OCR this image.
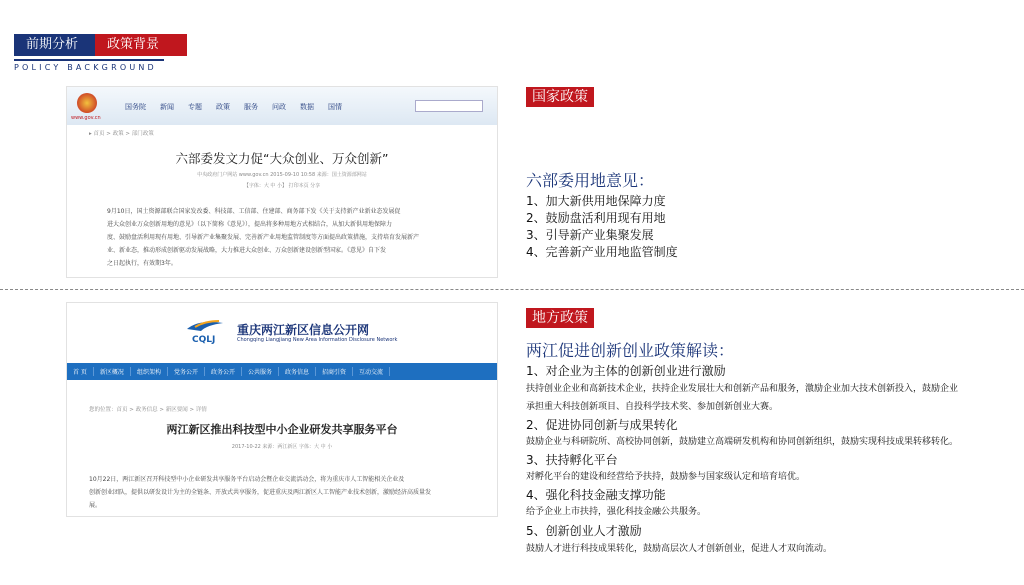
前期分析	政策背景
POLICY BACKGROUND
www.gov.cn
国务院 新闻 专题 政策 服务 问政 数据 国情
▸ 首页 > 政策 > 部门政策
六部委发文力促“大众创业、万众创新”
中央政府门户网站 www.gov.cn 2015-09-10 10:58 来源：国土资源部网站
【字体：大 中 小】 打印本页 分享
9月10日，国土资源部联合国家发改委、科技部、工信部、住建部、商务部下发《关于支持新产业新业态发展促
进大众创业万众创新用地的意见》（以下简称《意见》），提出将多种用地方式相结合，从加大新供用地保障力
度、鼓励盘活利用现有用地、引导新产业集聚发展、完善新产业用地监管制度等方面提出政策措施，支持培育发展新产
业、新业态，推动形成创新驱动发展战略，大力推进大众创业、万众创新建设创新型国家。《意见》自下发
之日起执行，有效期3年。
国家政策
六部委用地意见：
1、加大新供用地保障力度
2、鼓励盘活利用现有用地
3、引导新产业集聚发展
4、完善新产业用地监管制度
CQLJ
重庆两江新区信息公开网
Chongqing Liangjiang New Area Information Disclosure Network
首 页	新区概况	组织架构	党务公开	政务公开	公共服务	政务信息	招商引资	互动交流
您的位置：首页 > 政务信息 > 新区要闻 > 详情
两江新区推出科技型中小企业研发共享服务平台
2017-10-22 来源：两江新区 字体：大 中 小
10月22日，两江新区召开科技型中小企业研发共享服务平台启动会暨企业交流活动会，将为重庆市人工智能相关企业及
创新创业团队，提供以研发设计为主的全链条、开放式共享服务，促进重庆及两江新区人工智能产业技术创新，激励经济高质量发
展。
地方政策
两江促进创新创业政策解读：
1、对企业为主体的创新创业进行激励
扶持创业企业和高新技术企业，扶持企业发展壮大和创新产品和服务，激励企业加大技术创新投入，鼓励企业
承担重大科技创新项目、自投科学技术奖、参加创新创业大赛。
2、促进协同创新与成果转化
鼓励企业与科研院所、高校协同创新，鼓励建立高端研发机构和协同创新组织，鼓励实现科技成果转移转化。
3、扶持孵化平台
对孵化平台的建设和经营给予扶持，鼓励参与国家级认定和培育培优。
4、强化科技金融支撑功能
给予企业上市扶持，强化科技金融公共服务。
5、创新创业人才激励
鼓励人才进行科技成果转化，鼓励高层次人才创新创业，促进人才双向流动。
